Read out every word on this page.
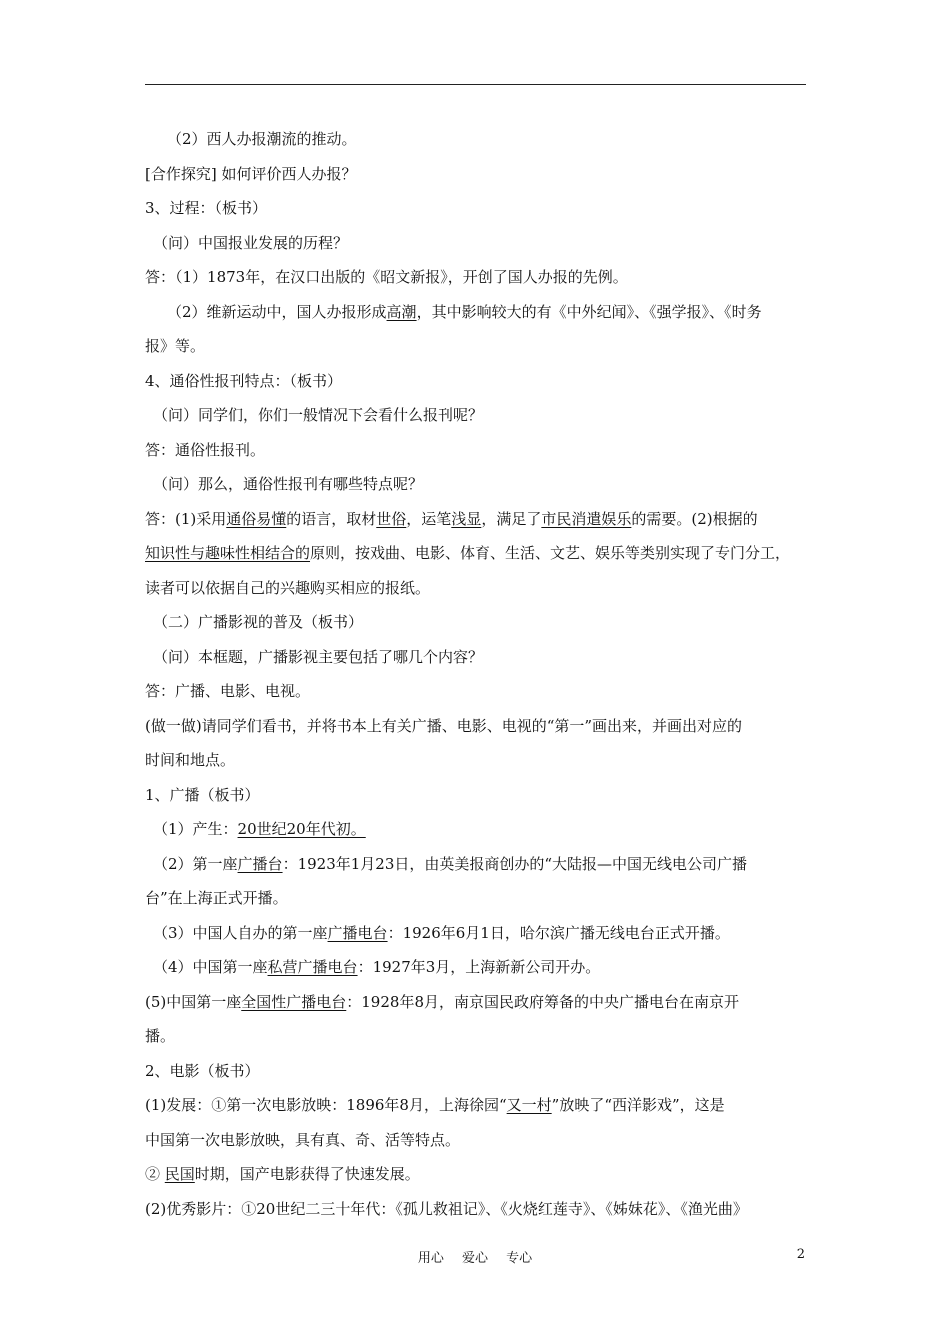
（2）西人办报潮流的推动。
[合作探究] 如何评价西人办报？
3、过程：（板书）
（问）中国报业发展的历程？
答：（1）1873年，在汉口出版的《昭文新报》，开创了国人办报的先例。
（2）维新运动中，国人办报形成高潮，其中影响较大的有《中外纪闻》、《强学报》、《时务
报》等。
4、通俗性报刊特点：（板书）
（问）同学们，你们一般情况下会看什么报刊呢？
答：通俗性报刊。
（问）那么，通俗性报刊有哪些特点呢？
答：(1)采用通俗易懂的语言，取材世俗，运笔浅显，满足了市民消遣娱乐的需要。(2)根据的
知识性与趣味性相结合的原则，按戏曲、电影、体育、生活、文艺、娱乐等类别实现了专门分工，
读者可以依据自己的兴趣购买相应的报纸。
（二）广播影视的普及（板书）
（问）本框题，广播影视主要包括了哪几个内容？
答：广播、电影、电视。
(做一做)请同学们看书，并将书本上有关广播、电影、电视的“第一”画出来，并画出对应的
时间和地点。
1、广播（板书）
（1）产生：20世纪20年代初。
（2）第一座广播台：1923年1月23日，由英美报商创办的“大陆报—中国无线电公司广播
台”在上海正式开播。
（3）中国人自办的第一座广播电台：1926年6月1日，哈尔滨广播无线电台正式开播。
（4）中国第一座私营广播电台：1927年3月，上海新新公司开办。
(5)中国第一座全国性广播电台：1928年8月，南京国民政府筹备的中央广播电台在南京开
播。
2、电影（板书）
(1)发展：①第一次电影放映：1896年8月，上海徐园“又一村”放映了“西洋影戏”，这是
中国第一次电影放映，具有真、奇、活等特点。
② 民国时期，国产电影获得了快速发展。
(2)优秀影片：①20世纪二三十年代：《孤儿救祖记》、《火烧红莲寺》、《姊妹花》、《渔光曲》
用心 爱心 专心	2
